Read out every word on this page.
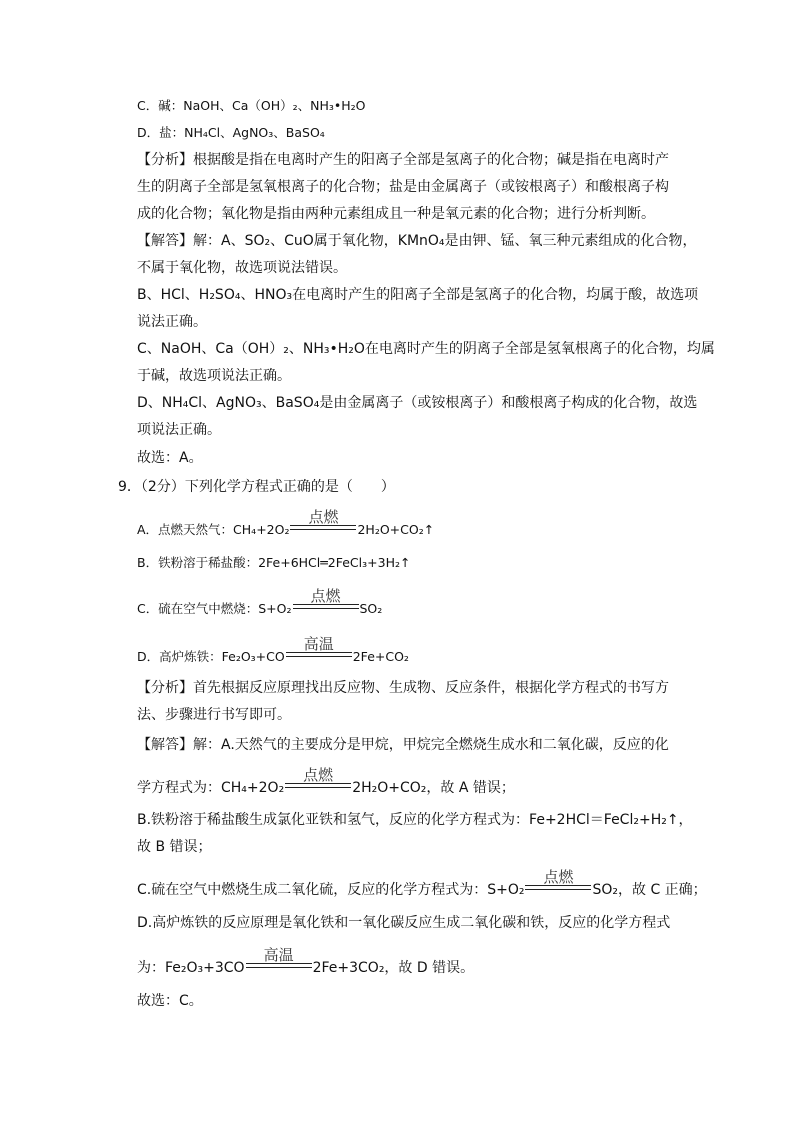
C．碱：NaOH、Ca（OH）₂、NH₃•H₂O
D．盐：NH₄Cl、AgNO₃、BaSO₄
【分析】根据酸是指在电离时产生的阳离子全部是氢离子的化合物；碱是指在电离时产
生的阴离子全部是氢氧根离子的化合物；盐是由金属离子（或铵根离子）和酸根离子构
成的化合物；氧化物是指由两种元素组成且一种是氧元素的化合物；进行分析判断。
【解答】解：A、SO₂、CuO属于氧化物，KMnO₄是由钾、锰、氧三种元素组成的化合物，
不属于氧化物，故选项说法错误。
B、HCl、H₂SO₄、HNO₃在电离时产生的阳离子全部是氢离子的化合物，均属于酸，故选项
说法正确。
C、NaOH、Ca（OH）₂、NH₃•H₂O在电离时产生的阴离子全部是氢氧根离子的化合物，均属
于碱，故选项说法正确。
D、NH₄Cl、AgNO₃、BaSO₄是由金属离子（或铵根离子）和酸根离子构成的化合物，故选
项说法正确。
故选：A。
9．（2分）下列化学方程式正确的是（　　）
A．点燃天然气：CH₄+2O₂
点燃
2H₂O+CO₂↑
B．铁粉溶于稀盐酸：2Fe+6HCl═2FeCl₃+3H₂↑
C．硫在空气中燃烧：S+O₂
点燃
SO₂
D．高炉炼铁：Fe₂O₃+CO
高温
2Fe+CO₂
【分析】首先根据反应原理找出反应物、生成物、反应条件，根据化学方程式的书写方
法、步骤进行书写即可。
【解答】解：A.天然气的主要成分是甲烷，甲烷完全燃烧生成水和二氧化碳，反应的化
学方程式为：CH₄+2O₂
点燃
2H₂O+CO₂，故 A 错误；
B.铁粉溶于稀盐酸生成氯化亚铁和氢气，反应的化学方程式为：Fe+2HCl＝FeCl₂+H₂↑，
故 B 错误；
C.硫在空气中燃烧生成二氧化硫，反应的化学方程式为：S+O₂
点燃
SO₂，故 C 正确；
D.高炉炼铁的反应原理是氧化铁和一氧化碳反应生成二氧化碳和铁，反应的化学方程式
为：Fe₂O₃+3CO
高温
2Fe+3CO₂，故 D 错误。
故选：C。
